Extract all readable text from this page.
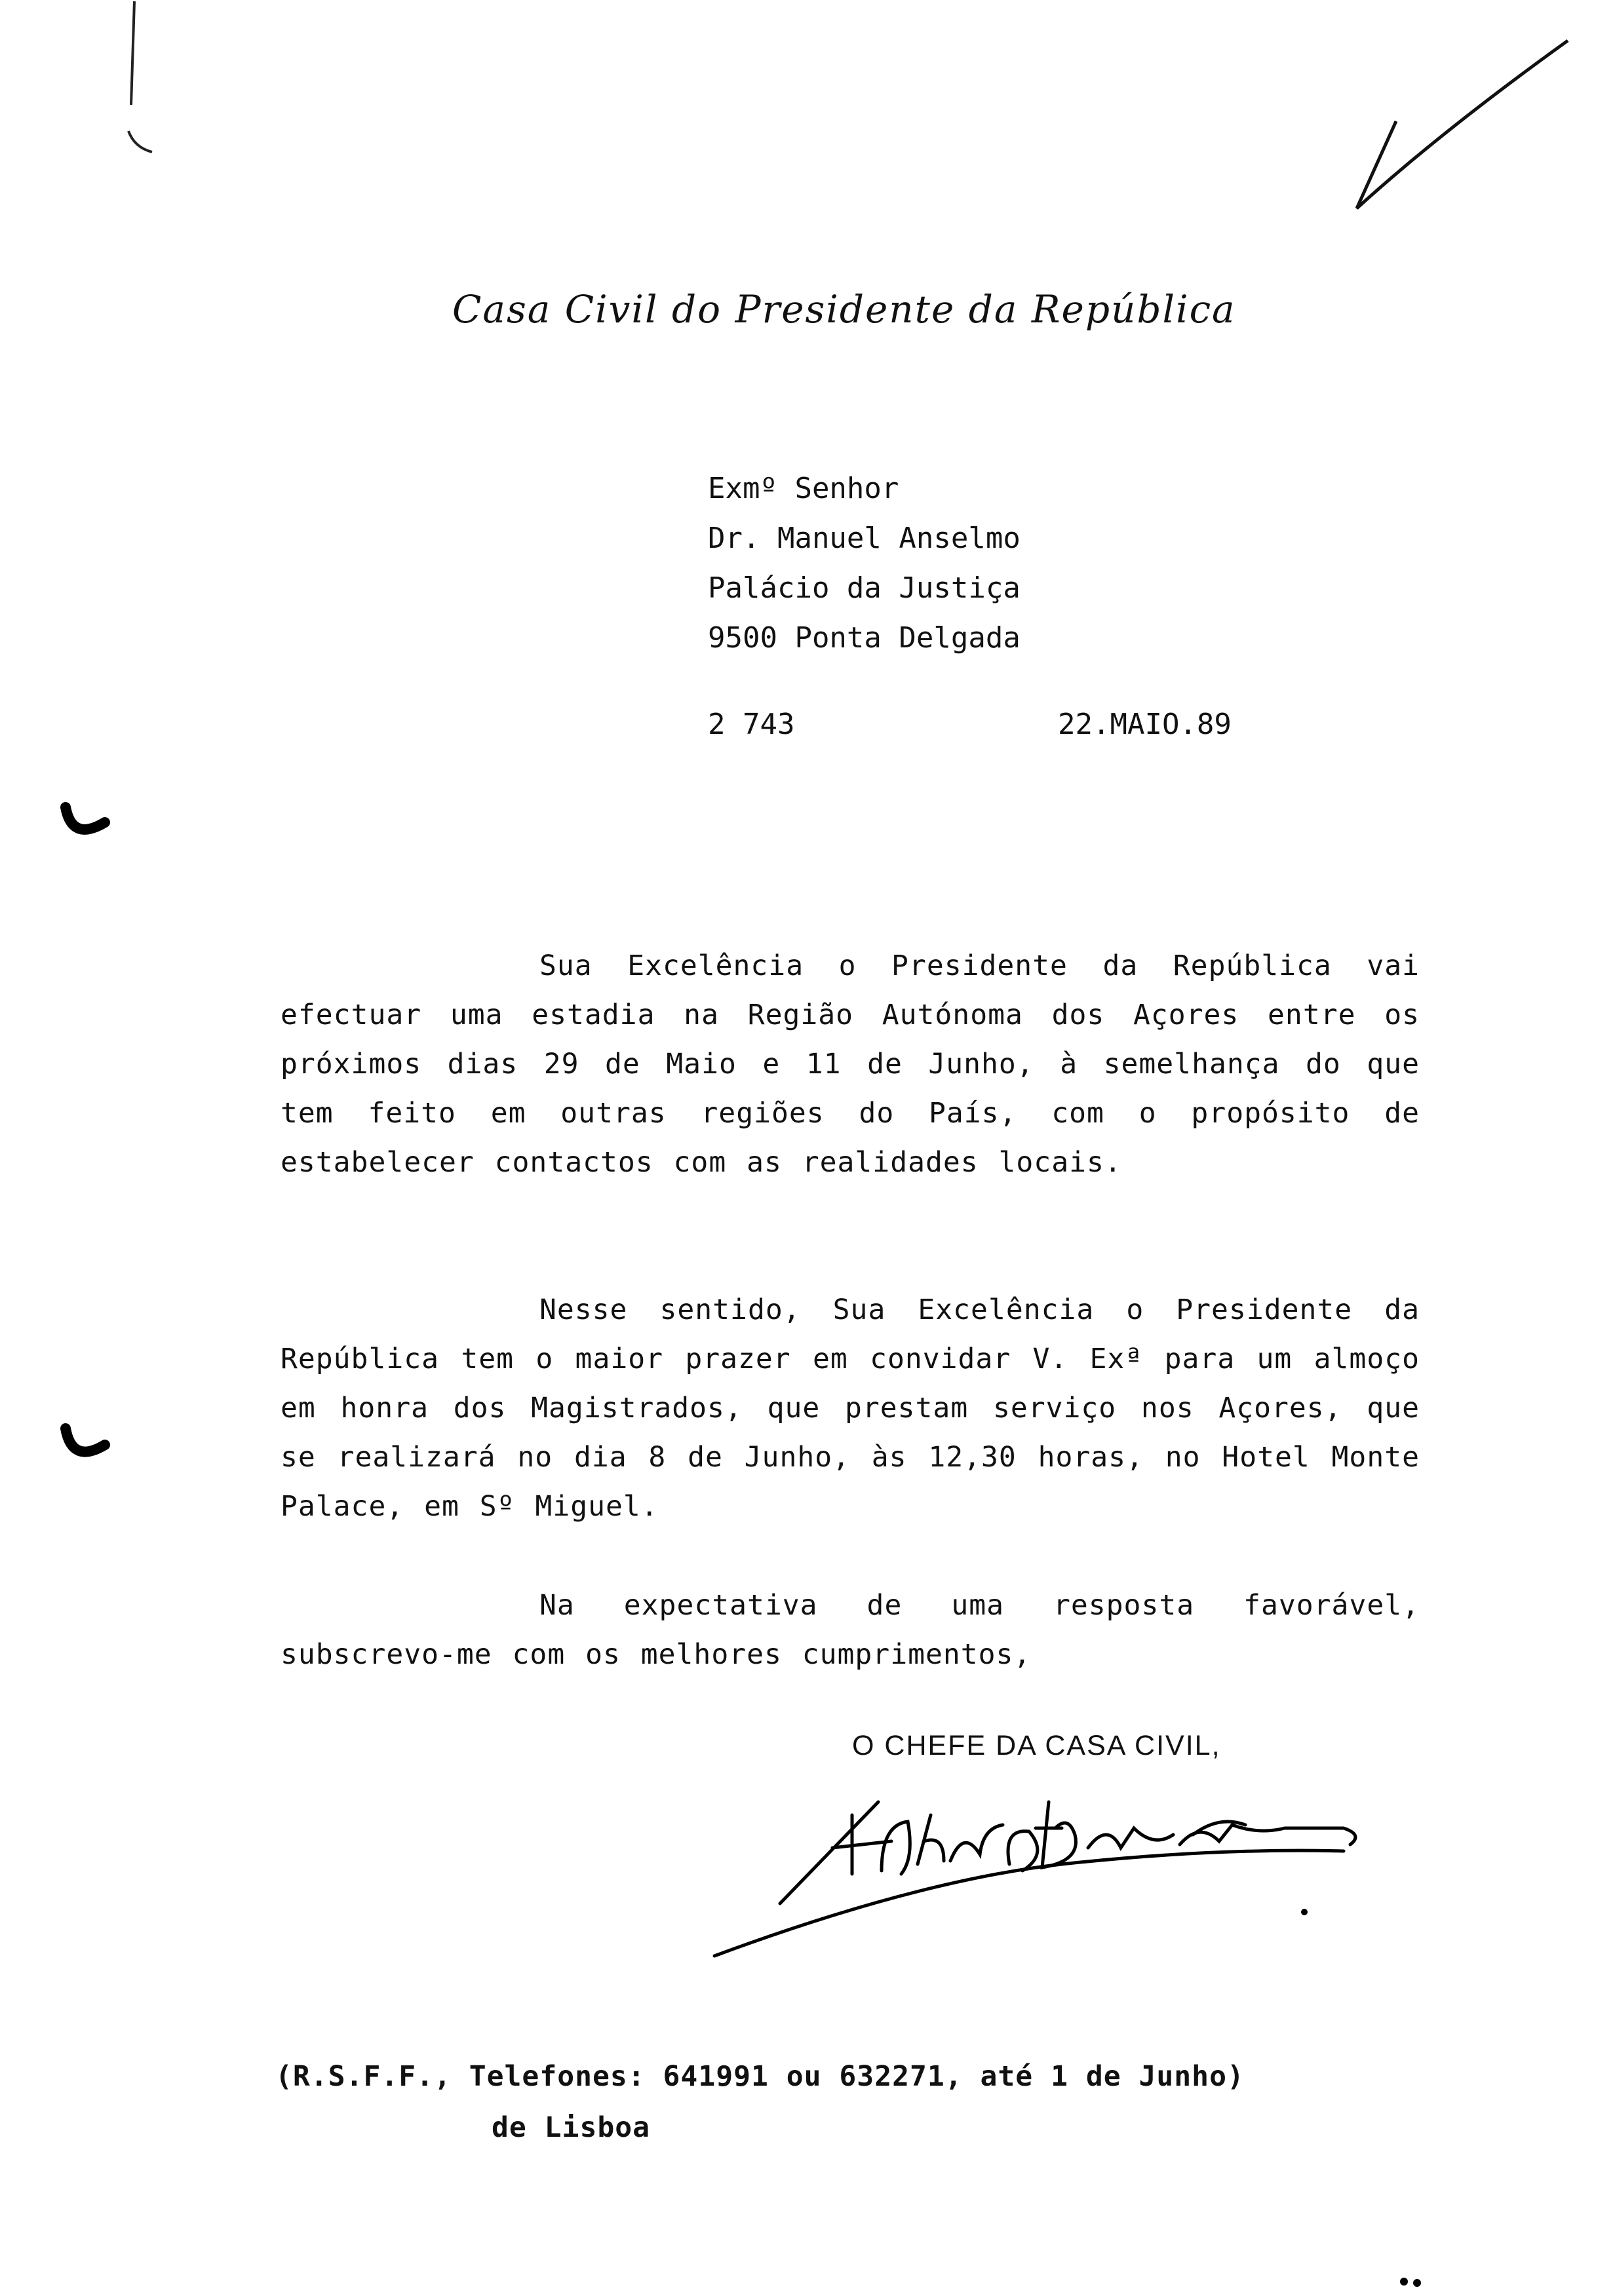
Casa Civil do Presidente da República
Exmº Senhor
Dr. Manuel Anselmo
Palácio da Justiça
9500 Ponta Delgada
2 743	22.MAIO.89

Sua Excelência o Presidente da República vai efectuar uma estadia na Região Autónoma dos Açores entre os próximos dias 29 de Maio e 11 de Junho, à semelhança do que tem feito em outras regiões do País, com o propósito de estabelecer contactos com as realidades locais.

Nesse sentido, Sua Excelência o Presidente da República tem o maior prazer em convidar V. Exª para um almoço em honra dos Magistrados, que prestam serviço nos Açores, que se realizará no dia 8 de Junho, às 12,30 horas, no Hotel Monte Palace, em Sº Miguel.

Na expectativa de uma resposta favorável, subscrevo-me com os melhores cumprimentos,

O CHEFE DA CASA CIVIL,
(R.S.F.F., Telefones: 641991 ou 632271, até 1 de Junho)
de Lisboa
